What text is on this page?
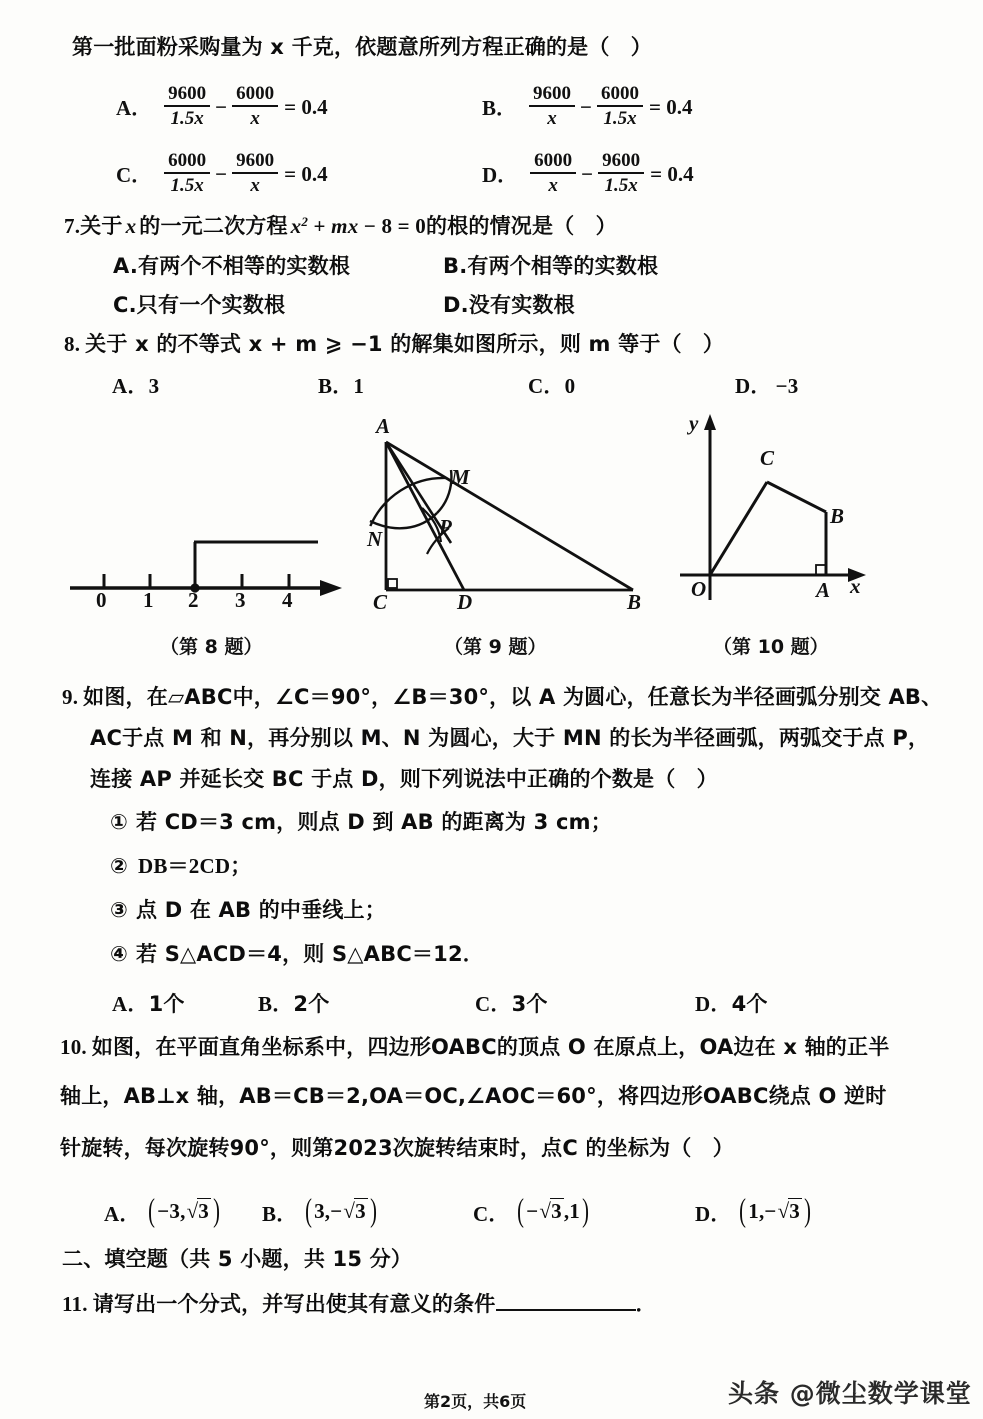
第一批面粉采购量为 x 千克，依题意所列方程正确的是（　）
A． $\frac{9600}{1.5x} - \frac{6000}{x} = 0.4$	B． $\frac{9600}{x} - \frac{6000}{1.5x} = 0.4$
C． $\frac{6000}{1.5x} - \frac{9600}{x} = 0.4$	D． $\frac{6000}{x} - \frac{9600}{1.5x} = 0.4$
7.关于 x 的一元二次方程 $x^2$ + mx − 8 = 0的根的情况是（　）
A.有两个不相等的实数根	B.有两个相等的实数根
C.只有一个实数根	D.没有实数根
8. 关于 x 的不等式 x + m ⩾ −1 的解集如图所示，则 m 等于（　）
A．3	B．1	C．0	D． −3
0 1 2 3 4
（第 8 题）
A
C	B
M
N	P
D
（第 9 题）
y
x
O
C
B
A
（第 10 题）
9. 如图，在▱ABC中，∠C＝90°，∠B＝30°，以 A 为圆心，任意长为半径画弧分别交 AB、
AC于点 M 和 N，再分别以 M、N 为圆心，大于 MN 的长为半径画弧，两弧交于点 P，
连接 AP 并延长交 BC 于点 D，则下列说法中正确的个数是（　）
① 若 CD＝3 cm，则点 D 到 AB 的距离为 3 cm；
② DB＝2CD；
③ 点 D 在 AB 的中垂线上；
④ 若 S△ACD＝4，则 S△ABC＝12．
A．1个	B．2个	C．3个	D．4个
10. 如图，在平面直角坐标系中，四边形OABC的顶点 O 在原点上，OA边在 x 轴的正半
轴上，AB⊥x 轴，AB＝CB＝2,OA＝OC,∠AOC＝60°，将四边形OABC绕点 O 逆时
针旋转，每次旋转90°，则第2023次旋转结束时，点C 的坐标为（　）
A． ( −3 , √3 ) B． ( 3 ,− √3 )	C． ( − √3 , 1 )	D． ( 1 ,− √3 )
二、填空题（共 5 小题，共 15 分）
11. 请写出一个分式，并写出使其有意义的条件	．
第2页，共6页	头条 @微尘数学课堂
